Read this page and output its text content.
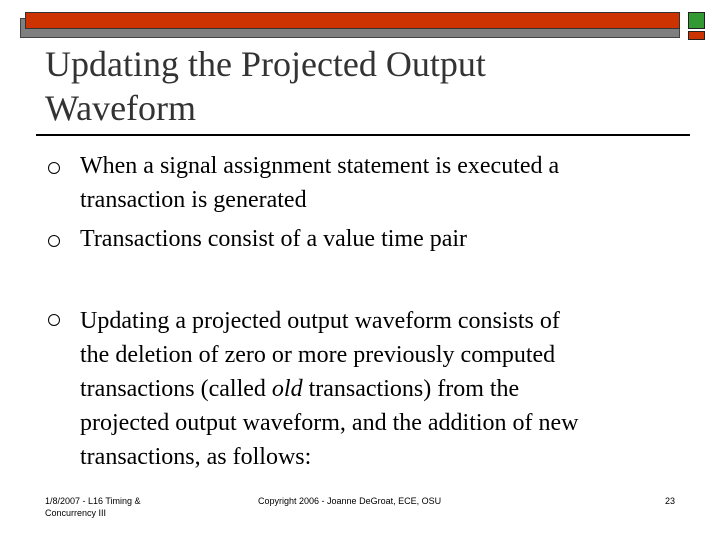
Updating the Projected Output
Waveform
When a signal assignment statement is executed a
transaction is generated
Transactions consist of a value time pair
Updating a projected output waveform consists of
the deletion of zero or more previously computed
transactions (called old transactions) from the
projected output waveform, and the addition of new
transactions, as follows:
1/8/2007 - L16 Timing &
Concurrency III
Copyright 2006 - Joanne DeGroat, ECE, OSU	23
